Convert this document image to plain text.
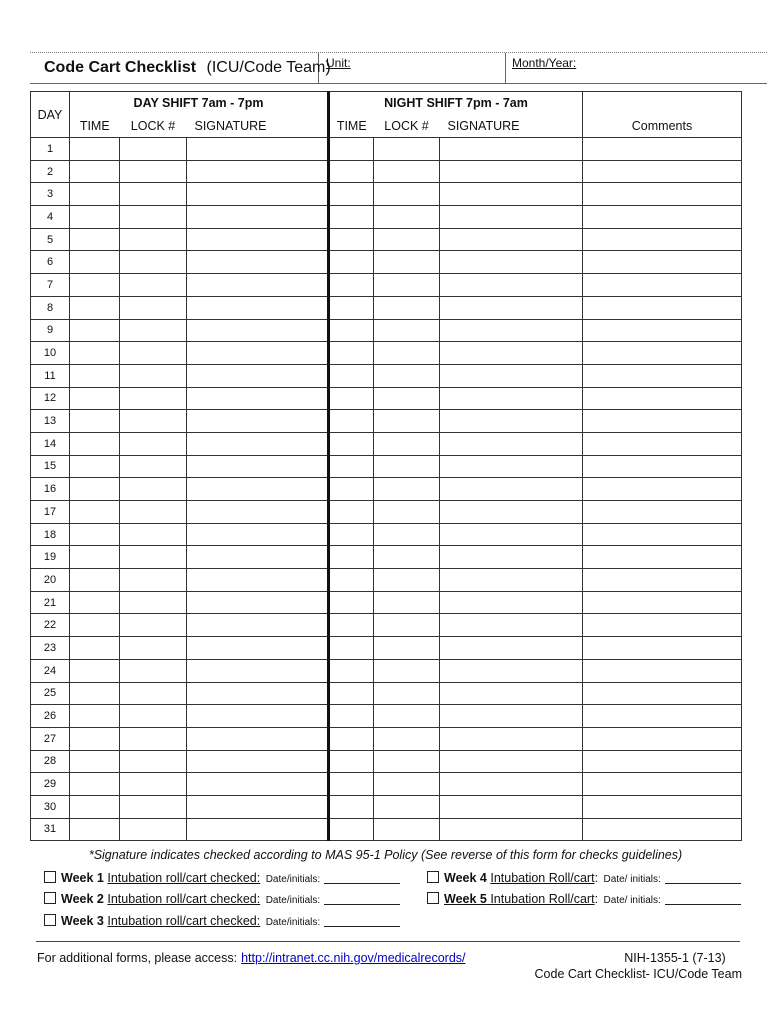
Code Cart Checklist (ICU/Code Team)
Unit:	Month/Year:
DAY	DAY SHIFT 7am - 7pm			NIGHT SHIFT 7pm - 7am			
	TIME	LOCK #	SIGNATURE	TIME	LOCK #	SIGNATURE	Comments
1							
2							
3							
4							
5							
6							
7							
8							
9							
10							
11							
12							
13							
14							
15							
16							
17							
18							
19							
20							
21							
22							
23							
24							
25							
26							
27							
28							
29							
30							
31							
*Signature indicates checked according to MAS 95-1 Policy (See reverse of this form for checks guidelines)
Week 1 Intubation roll/cart checked: Date/initials:
Week 2 Intubation roll/cart checked: Date/initials:
Week 3 Intubation roll/cart checked: Date/initials:
Week 4 Intubation Roll/cart: Date/ initials:
Week 5 Intubation Roll/cart: Date/ initials:
For additional forms, please access: http://intranet.cc.nih.gov/medicalrecords/	NIH-1355-1 (7-13)
Code Cart Checklist- ICU/Code Team
